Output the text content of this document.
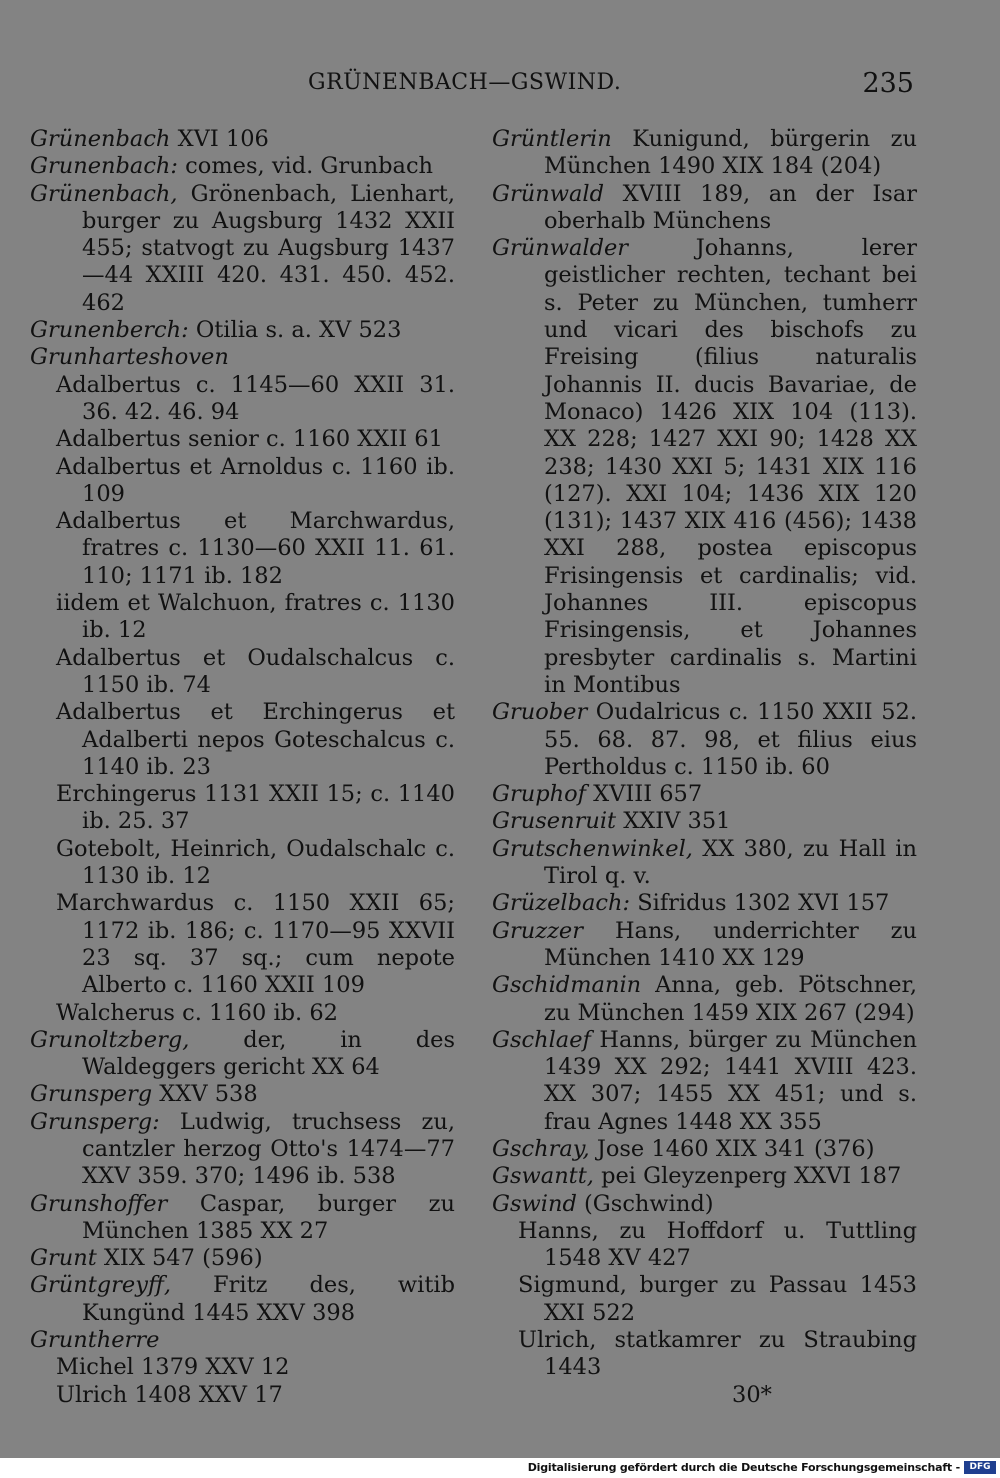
GRÜNENBACH—GSWIND.	235

Grünenbach XVI 106

Grunenbach: comes, vid. Grunbach

Grünenbach, Grönenbach, Lienhart, burger zu Augsburg 1432 XXII 455; statvogt zu Augsburg 1437—44 XXIII 420. 431. 450. 452. 462

Grunenberch: Otilia s. a. XV 523

Grunharteshoven

Adalbertus c. 1145—60 XXII 31. 36. 42. 46. 94

Adalbertus senior c. 1160 XXII 61

Adalbertus et Arnoldus c. 1160 ib. 109

Adalbertus et Marchwardus, fratres c. 1130—60 XXII 11. 61. 110; 1171 ib. 182

iidem et Walchuon, fratres c. 1130 ib. 12

Adalbertus et Oudalschalcus c. 1150 ib. 74

Adalbertus et Erchingerus et Adalberti nepos Goteschalcus c. 1140 ib. 23

Erchingerus 1131 XXII 15; c. 1140 ib. 25. 37

Gotebolt, Heinrich, Oudalschalc c. 1130 ib. 12

Marchwardus c. 1150 XXII 65; 1172 ib. 186; c. 1170—95 XXVII 23 sq. 37 sq.; cum nepote Alberto c. 1160 XXII 109

Walcherus c. 1160 ib. 62

Grunoltzberg, der, in des Waldeggers gericht XX 64

Grunsperg XXV 538

Grunsperg: Ludwig, truchsess zu, cantzler herzog Otto's 1474—77 XXV 359. 370; 1496 ib. 538

Grunshoffer Caspar, burger zu München 1385 XX 27

Grunt XIX 547 (596)

Grüntgreyff, Fritz des, witib Kungünd 1445 XXV 398

Gruntherre

Michel 1379 XXV 12

Ulrich 1408 XXV 17

Grüntlerin Kunigund, bürgerin zu München 1490 XIX 184 (204)

Grünwald XVIII 189, an der Isar oberhalb Münchens

Grünwalder Johanns, lerer geistlicher rechten, techant bei s. Peter zu München, tumherr und vicari des bischofs zu Freising (filius naturalis Johannis II. ducis Bavariae, de Monaco) 1426 XIX 104 (113). XX 228; 1427 XXI 90; 1428 XX 238; 1430 XXI 5; 1431 XIX 116 (127). XXI 104; 1436 XIX 120 (131); 1437 XIX 416 (456); 1438 XXI 288, postea episcopus Frisingensis et cardinalis; vid. Johannes III. episcopus Frisingensis, et Johannes presbyter cardinalis s. Martini in Montibus

Gruober Oudalricus c. 1150 XXII 52. 55. 68. 87. 98, et filius eius Pertholdus c. 1150 ib. 60

Gruphof XVIII 657

Grusenruit XXIV 351

Grutschenwinkel, XX 380, zu Hall in Tirol q. v.

Grüzelbach: Sifridus 1302 XVI 157

Gruzzer Hans, underrichter zu München 1410 XX 129

Gschidmanin Anna, geb. Pötschner, zu München 1459 XIX 267 (294)

Gschlaef Hanns, bürger zu München 1439 XX 292; 1441 XVIII 423. XX 307; 1455 XX 451; und s. frau Agnes 1448 XX 355

Gschray, Jose 1460 XIX 341 (376)

Gswantt, pei Gleyzenperg XXVI 187

Gswind (Gschwind)

Hanns, zu Hoffdorf u. Tuttling 1548 XV 427

Sigmund, burger zu Passau 1453 XXI 522

Ulrich, statkamrer zu Straubing 1443

30*
Digitalisierung gefördert durch die Deutsche Forschungsgemeinschaft -	DFG
